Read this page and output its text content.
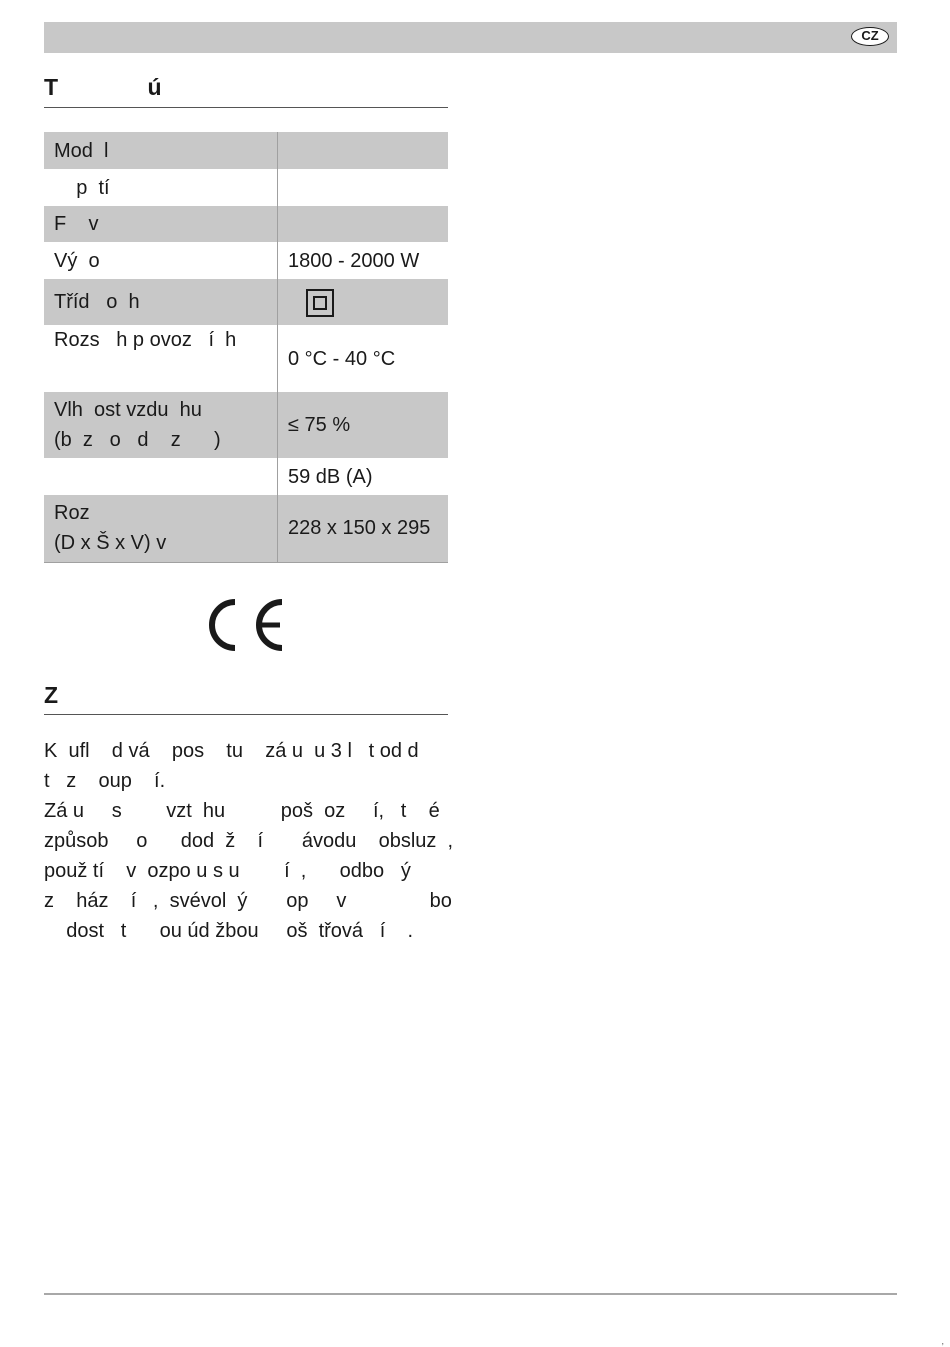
CZ
T              ú
Mod  l	
p  tí	
F    v	
Vý  o	1800 - 2000 W
Tříd   o  h	
Rozs   h p ovoz   í  h	0 °C - 40 °C
Vlh  ost vzdu  hu
(b  z   o   d    z      )	≤ 75 %
	59 dB (A)
Roz
(D x Š x V) v	228 x 150 x 295
Z
K  ufl    d vá    pos    tu    zá u  u 3 l   t od d
t   z    oup    í.
Zá u     s        vzt  hu          poš  oz     í,   t    é
způsob     o      dod  ž    í       ávodu    obsluz  ,
použ tí    v  ozpo u s u        í  ,      odbo   ý
z    ház    í   ,  svévol  ý       op     v               bo
dost   t      ou úd žbou     oš  třová   í    .
,
